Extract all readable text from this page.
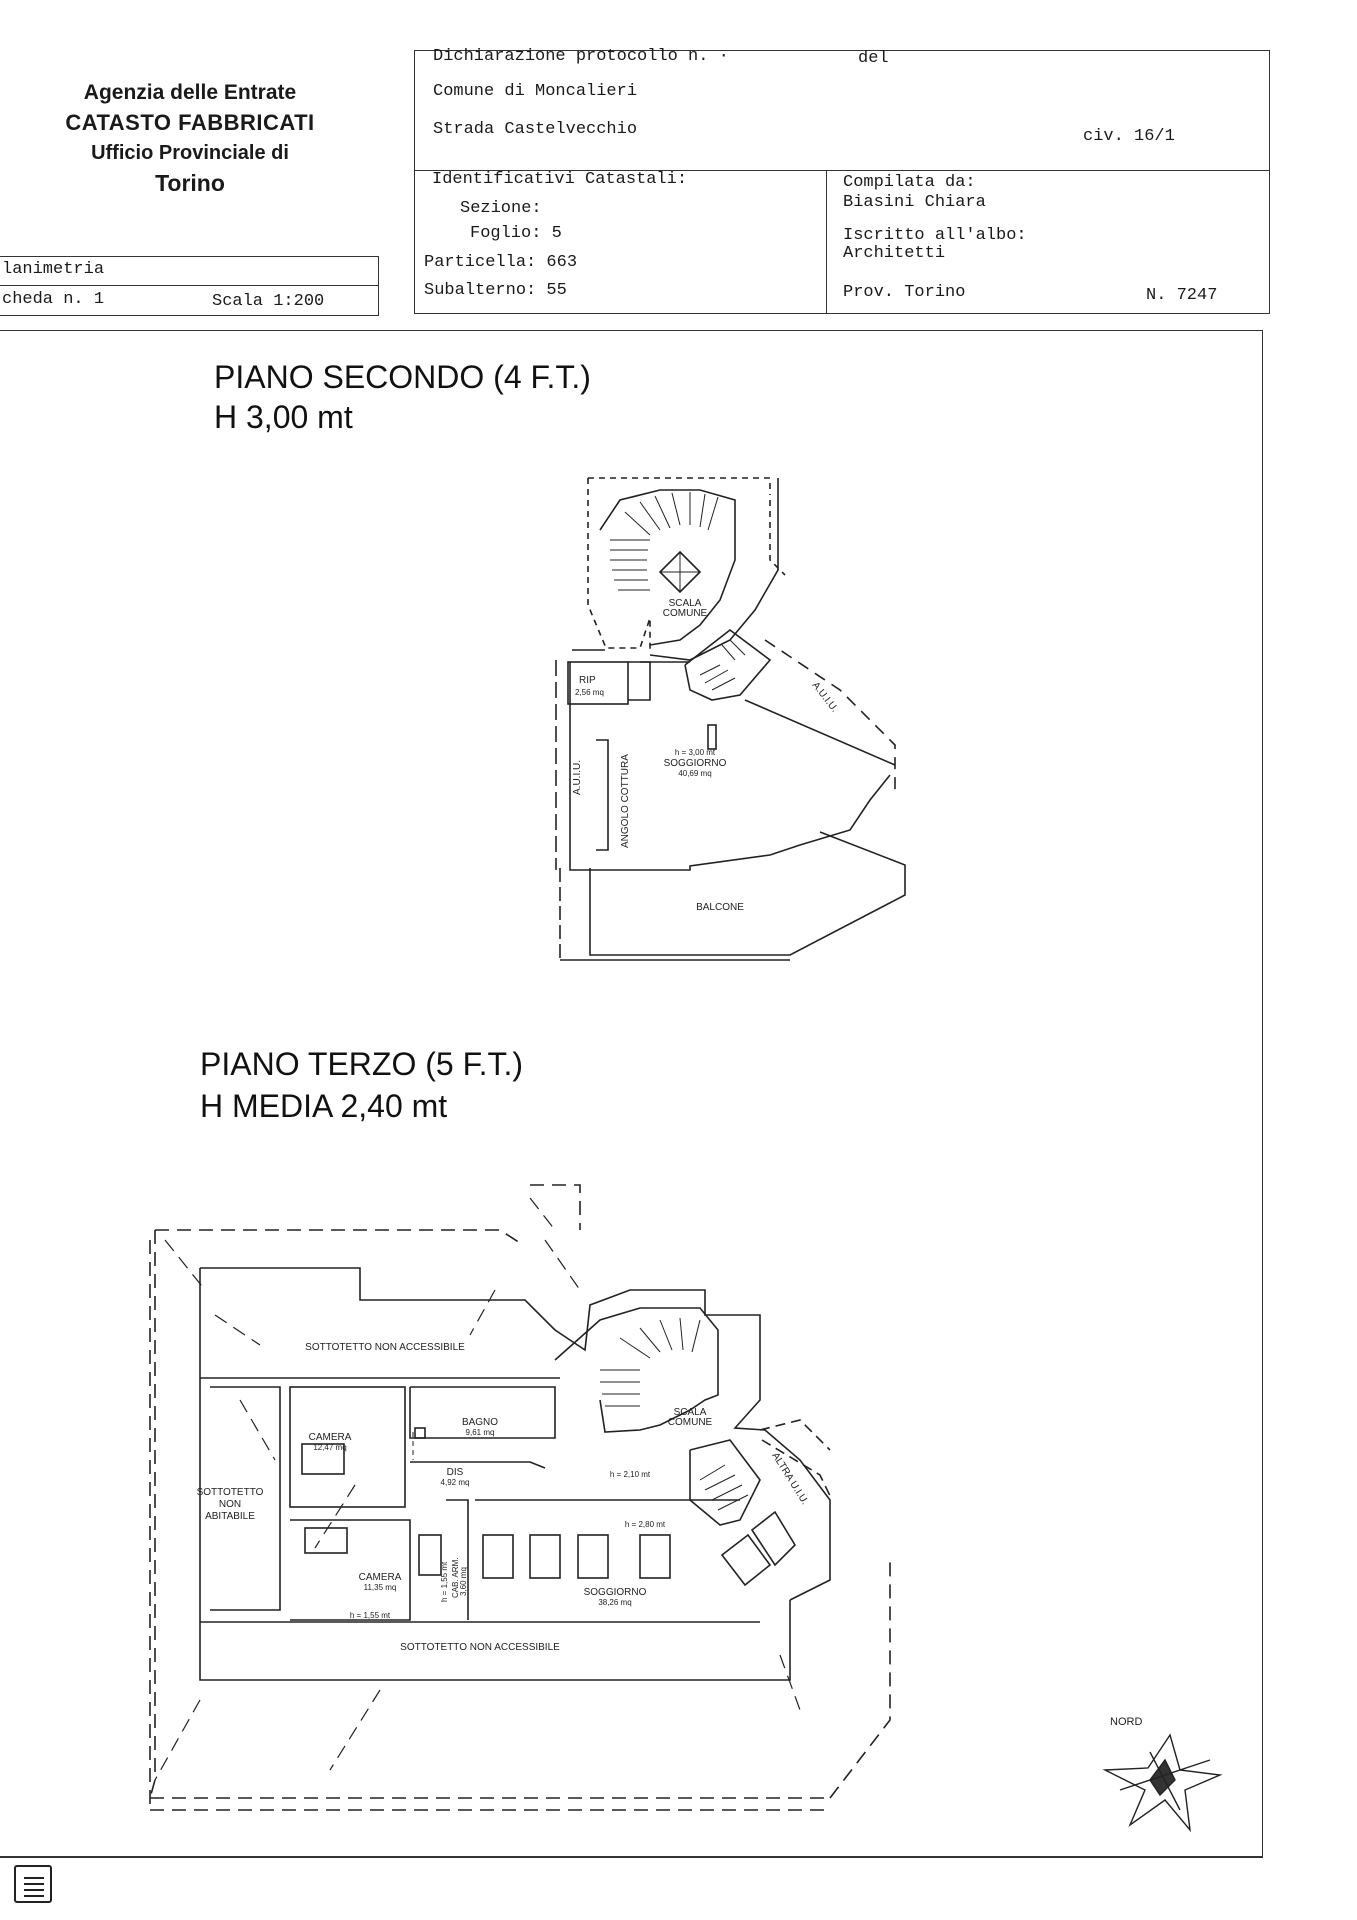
Agenzia delle Entrate
CATASTO FABBRICATI
Ufficio Provinciale di
Torino
lanimetria
cheda n. 1	Scala 1:200
Dichiarazione protocollo n. ·	del
Comune di Moncalieri
Strada Castelvecchio	civ. 16/1
Identificativi Catastali:
Sezione:
Foglio: 5
Particella: 663
Subalterno: 55
Compilata da:
Biasini Chiara
Iscritto all'albo:
Architetti
Prov. Torino	N. 7247
PIANO SECONDO (4 F.T.)
H 3,00 mt
PIANO TERZO (5 F.T.)
H MEDIA 2,40 mt
SCALA
COMUNE
RIP
2,56 mq
h = 3,00 mt
SOGGIORNO
40,69 mq
A.U.I.U.	ANGOLO COTTURA
A.U.I.U.
BALCONE
SOTTOTETTO NON ACCESSIBILE
SOTTOTETTO
NON
ABITABILE
CAMERA
12,47 mq
BAGNO
9,61 mq
DIS
4,92 mq
h = 2,10 mt
h = 2,80 mt
SCALA
COMUNE
ALTRA U.I.U.
CAMERA
11,35 mq	CAB. ARM. 3,60 mq
h = 1,55 mt
h = 1,55 mt
SOGGIORNO
38,26 mq
SOTTOTETTO NON ACCESSIBILE
NORD
